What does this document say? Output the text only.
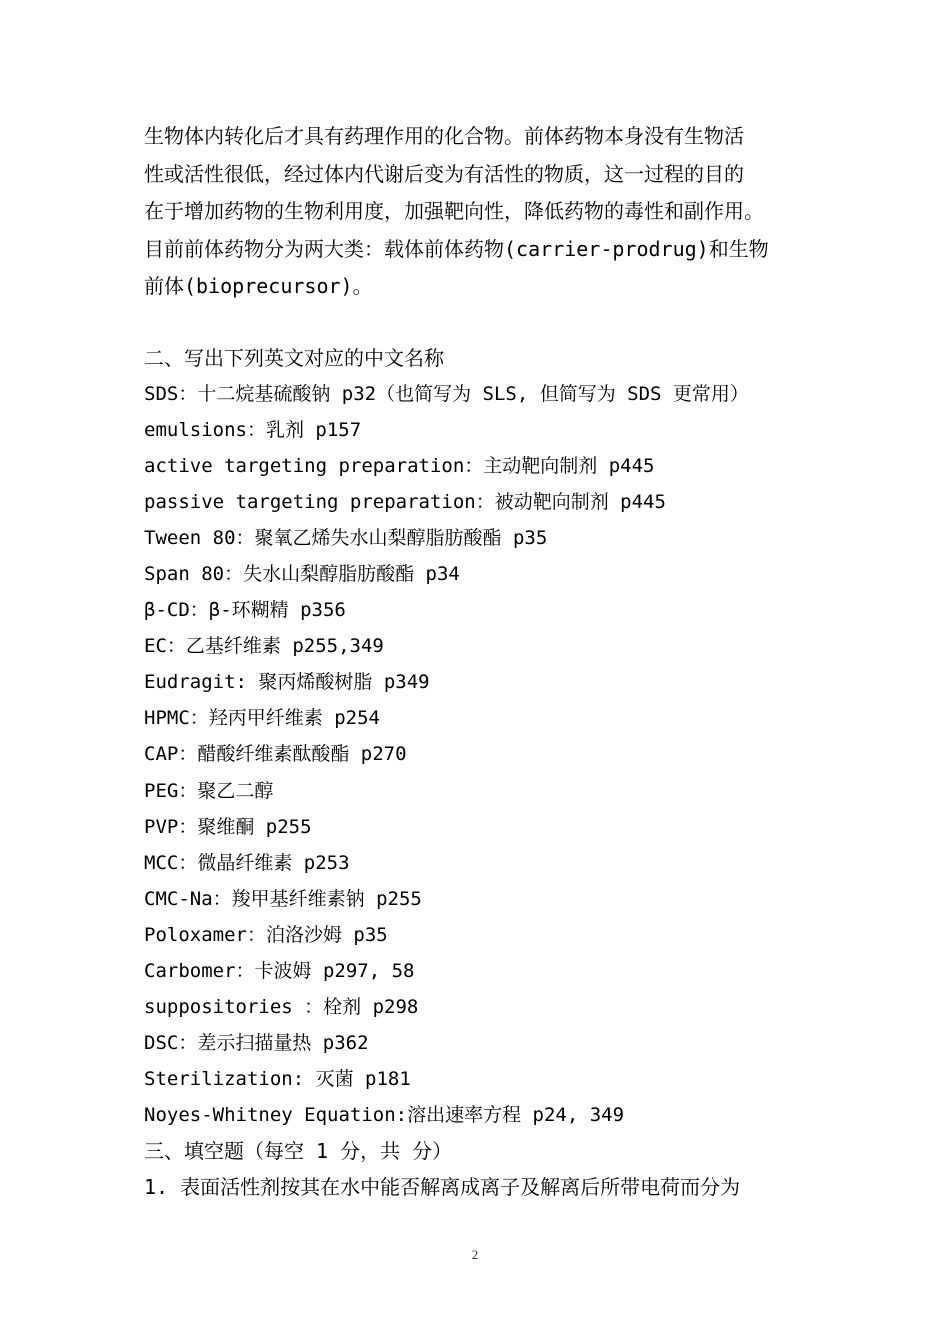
生物体内转化后才具有药理作用的化合物。前体药物本身没有生物活
性或活性很低，经过体内代谢后变为有活性的物质，这一过程的目的
在于增加药物的生物利用度，加强靶向性，降低药物的毒性和副作用。
目前前体药物分为两大类：载体前体药物(carrier-prodrug)和生物
前体(bioprecursor)。
二、写出下列英文对应的中文名称
SDS：十二烷基硫酸钠 p32（也简写为 SLS, 但简写为 SDS 更常用）
emulsions：乳剂 p157
active targeting preparation：主动靶向制剂 p445
passive targeting preparation：被动靶向制剂 p445
Tween 80：聚氧乙烯失水山梨醇脂肪酸酯 p35
Span 80：失水山梨醇脂肪酸酯 p34
β-CD：β-环糊精 p356
EC：乙基纤维素 p255,349
Eudragit: 聚丙烯酸树脂 p349
HPMC：羟丙甲纤维素 p254
CAP：醋酸纤维素酞酸酯 p270
PEG：聚乙二醇
PVP：聚维酮 p255
MCC：微晶纤维素 p253
CMC-Na：羧甲基纤维素钠 p255
Poloxamer：泊洛沙姆 p35
Carbomer：卡波姆 p297, 58
suppositories ：栓剂 p298
DSC：差示扫描量热 p362
Sterilization: 灭菌 p181
Noyes-Whitney Equation:溶出速率方程 p24, 349
三、填空题（每空 1 分，共 分）
1. 表面活性剂按其在水中能否解离成离子及解离后所带电荷而分为
2
